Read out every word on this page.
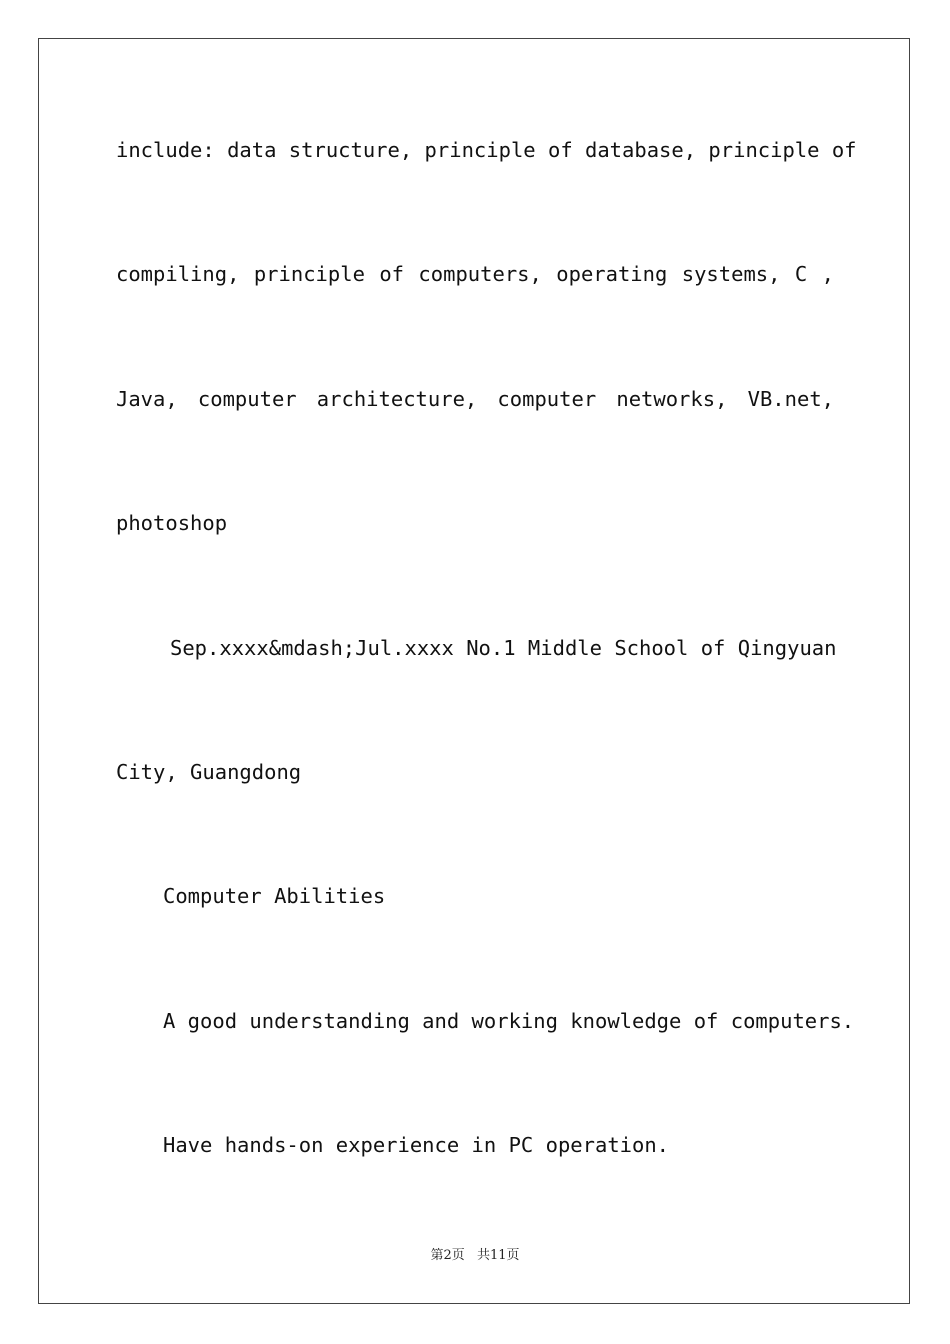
include: data structure, principle of database, principle of
compiling, principle of computers, operating systems, C ,
Java, computer architecture, computer networks, VB.net,
photoshop
Sep.xxxx&mdash;Jul.xxxx No.1 Middle School of Qingyuan
City, Guangdong
Computer Abilities
A good understanding and working knowledge of computers.
Have hands-on experience in PC operation.
第2页 共11页
